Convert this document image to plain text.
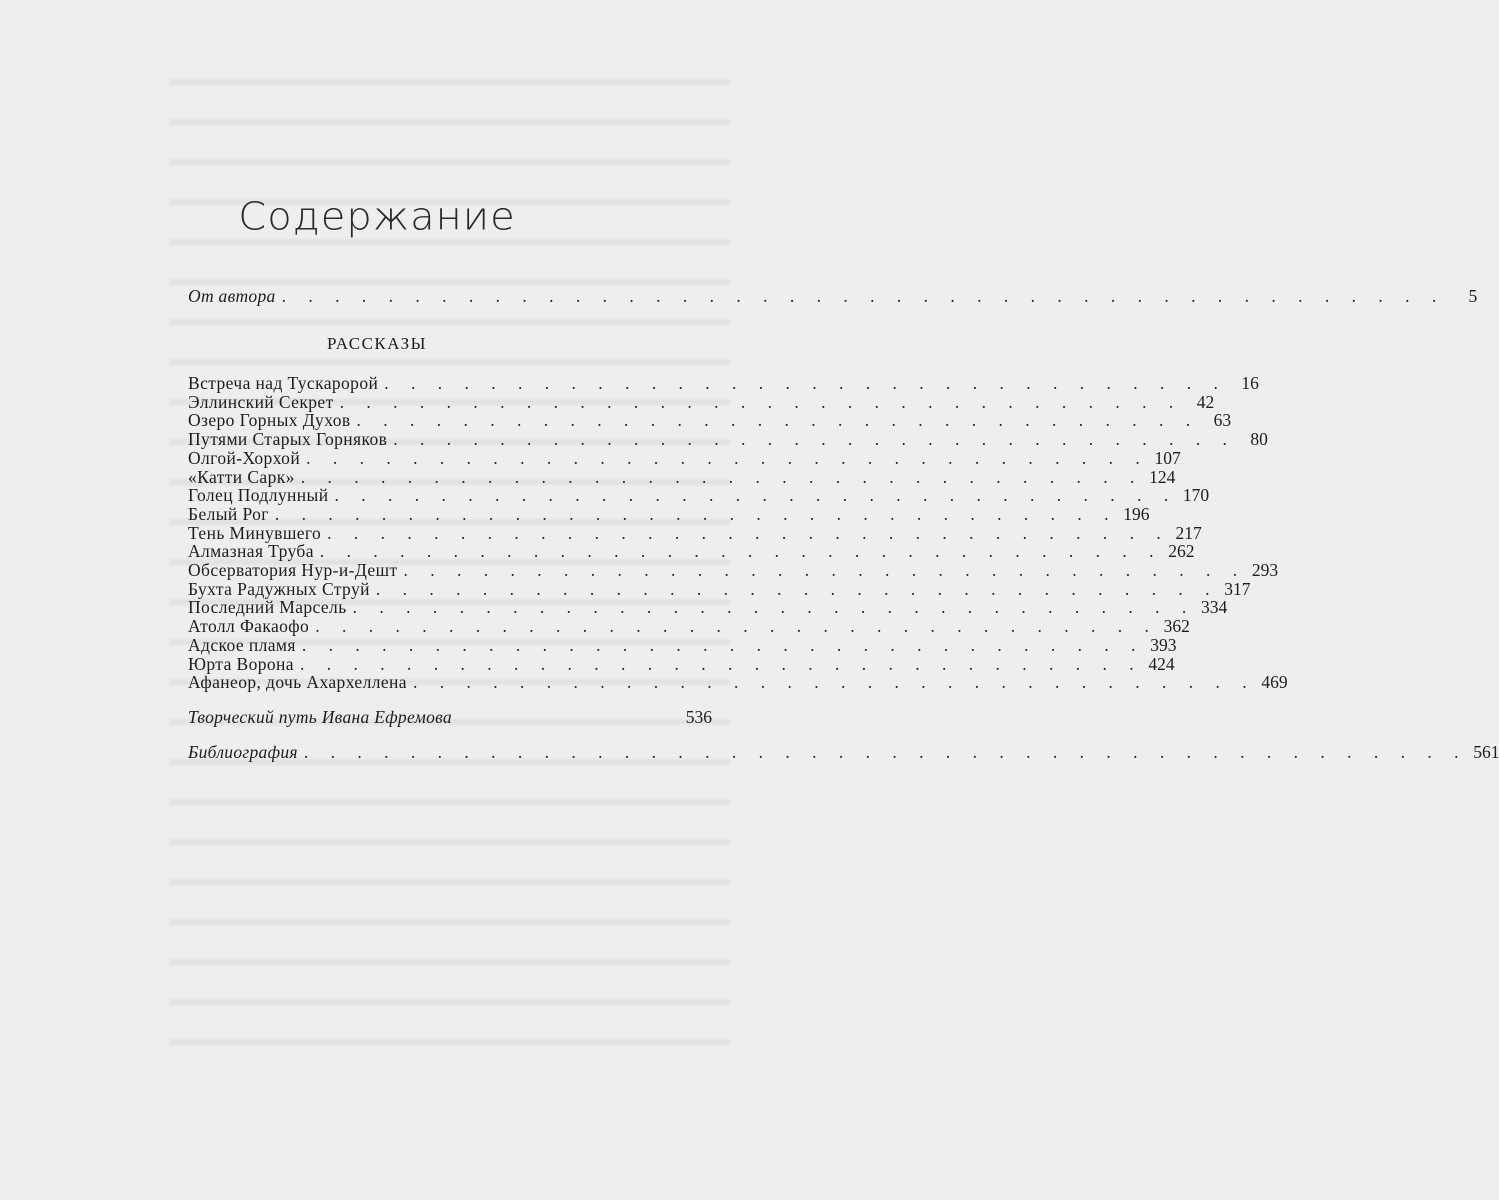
Содержание
От автора . . . . . . . . . . . . . . . . . . . . . . . . . . . . . . . . . . . . . . . . . . . .	5
РАССКАЗЫ
Встреча над Тускаророй . . . . . . . . . . . . . . . . . . . . . . . . . . . . . . . . 16
Эллинский Секрет . . . . . . . . . . . . . . . . . . . . . . . . . . . . . . . . 42
Озеро Горных Духов . . . . . . . . . . . . . . . . . . . . . . . . . . . . . . . . 63
Путями Старых Горняков . . . . . . . . . . . . . . . . . . . . . . . . . . . . . . . . 80
Олгой-Хорхой . . . . . . . . . . . . . . . . . . . . . . . . . . . . . . . . 107
«Катти Сарк» . . . . . . . . . . . . . . . . . . . . . . . . . . . . . . . . 124
Голец Подлунный . . . . . . . . . . . . . . . . . . . . . . . . . . . . . . . . 170
Белый Рог . . . . . . . . . . . . . . . . . . . . . . . . . . . . . . . . 196
Тень Минувшего . . . . . . . . . . . . . . . . . . . . . . . . . . . . . . . . 217
Алмазная Труба . . . . . . . . . . . . . . . . . . . . . . . . . . . . . . . . 262
Обсерватория Нур-и-Дешт . . . . . . . . . . . . . . . . . . . . . . . . . . . . . . . . 293
Бухта Радужных Струй . . . . . . . . . . . . . . . . . . . . . . . . . . . . . . . . 317
Последний Марсель . . . . . . . . . . . . . . . . . . . . . . . . . . . . . . . . 334
Атолл Факаофо . . . . . . . . . . . . . . . . . . . . . . . . . . . . . . . . 362
Адское пламя . . . . . . . . . . . . . . . . . . . . . . . . . . . . . . . . 393
Юрта Ворона . . . . . . . . . . . . . . . . . . . . . . . . . . . . . . . . 424
Афанеор, дочь Ахархеллена . . . . . . . . . . . . . . . . . . . . . . . . . . . . . . . . 469
Творческий путь Ивана Ефремова	536
Библиография . . . . . . . . . . . . . . . . . . . . . . . . . . . . . . . . . . . . . . . . . . . . 561
